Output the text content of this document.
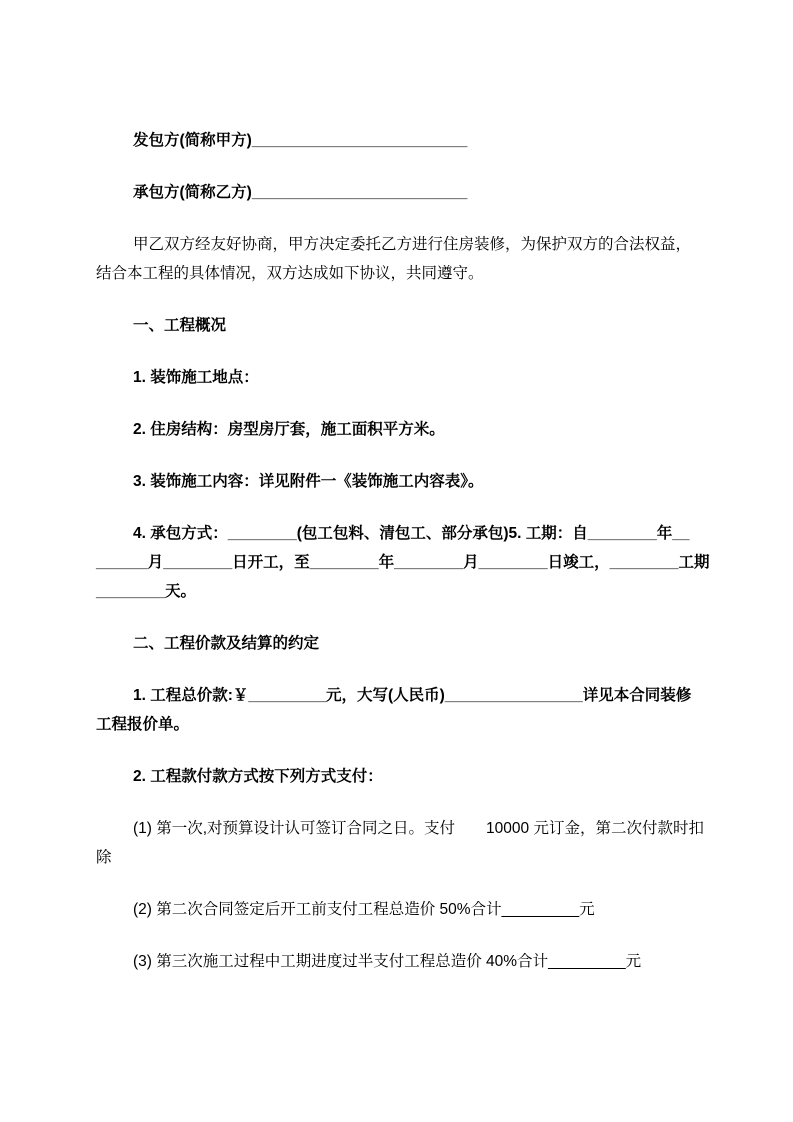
发包方(简称甲方)_________________________
承包方(简称乙方)_________________________
甲乙双方经友好协商，甲方决定委托乙方进行住房装修，为保护双方的合法权益，
结合本工程的具体情况，双方达成如下协议，共同遵守。
一、工程概况
1. 装饰施工地点：
2. 住房结构：房型房厅套，施工面积平方米。
3. 装饰施工内容：详见附件一《装饰施工内容表》。
4. 承包方式：________(包工包料、清包工、部分承包)5. 工期：自________年__
______月________日开工，至________年________月________日竣工，________工期
________天。
二、工程价款及结算的约定
1. 工程总价款:￥_________元，大写(人民币)________________详见本合同装修
工程报价单。
2. 工程款付款方式按下列方式支付：
(1) 第一次,对预算设计认可签订合同之日。支付　　10000 元订金，第二次付款时扣
除
(2) 第二次合同签定后开工前支付工程总造价 50%合计_________元
(3) 第三次施工过程中工期进度过半支付工程总造价 40%合计_________元
